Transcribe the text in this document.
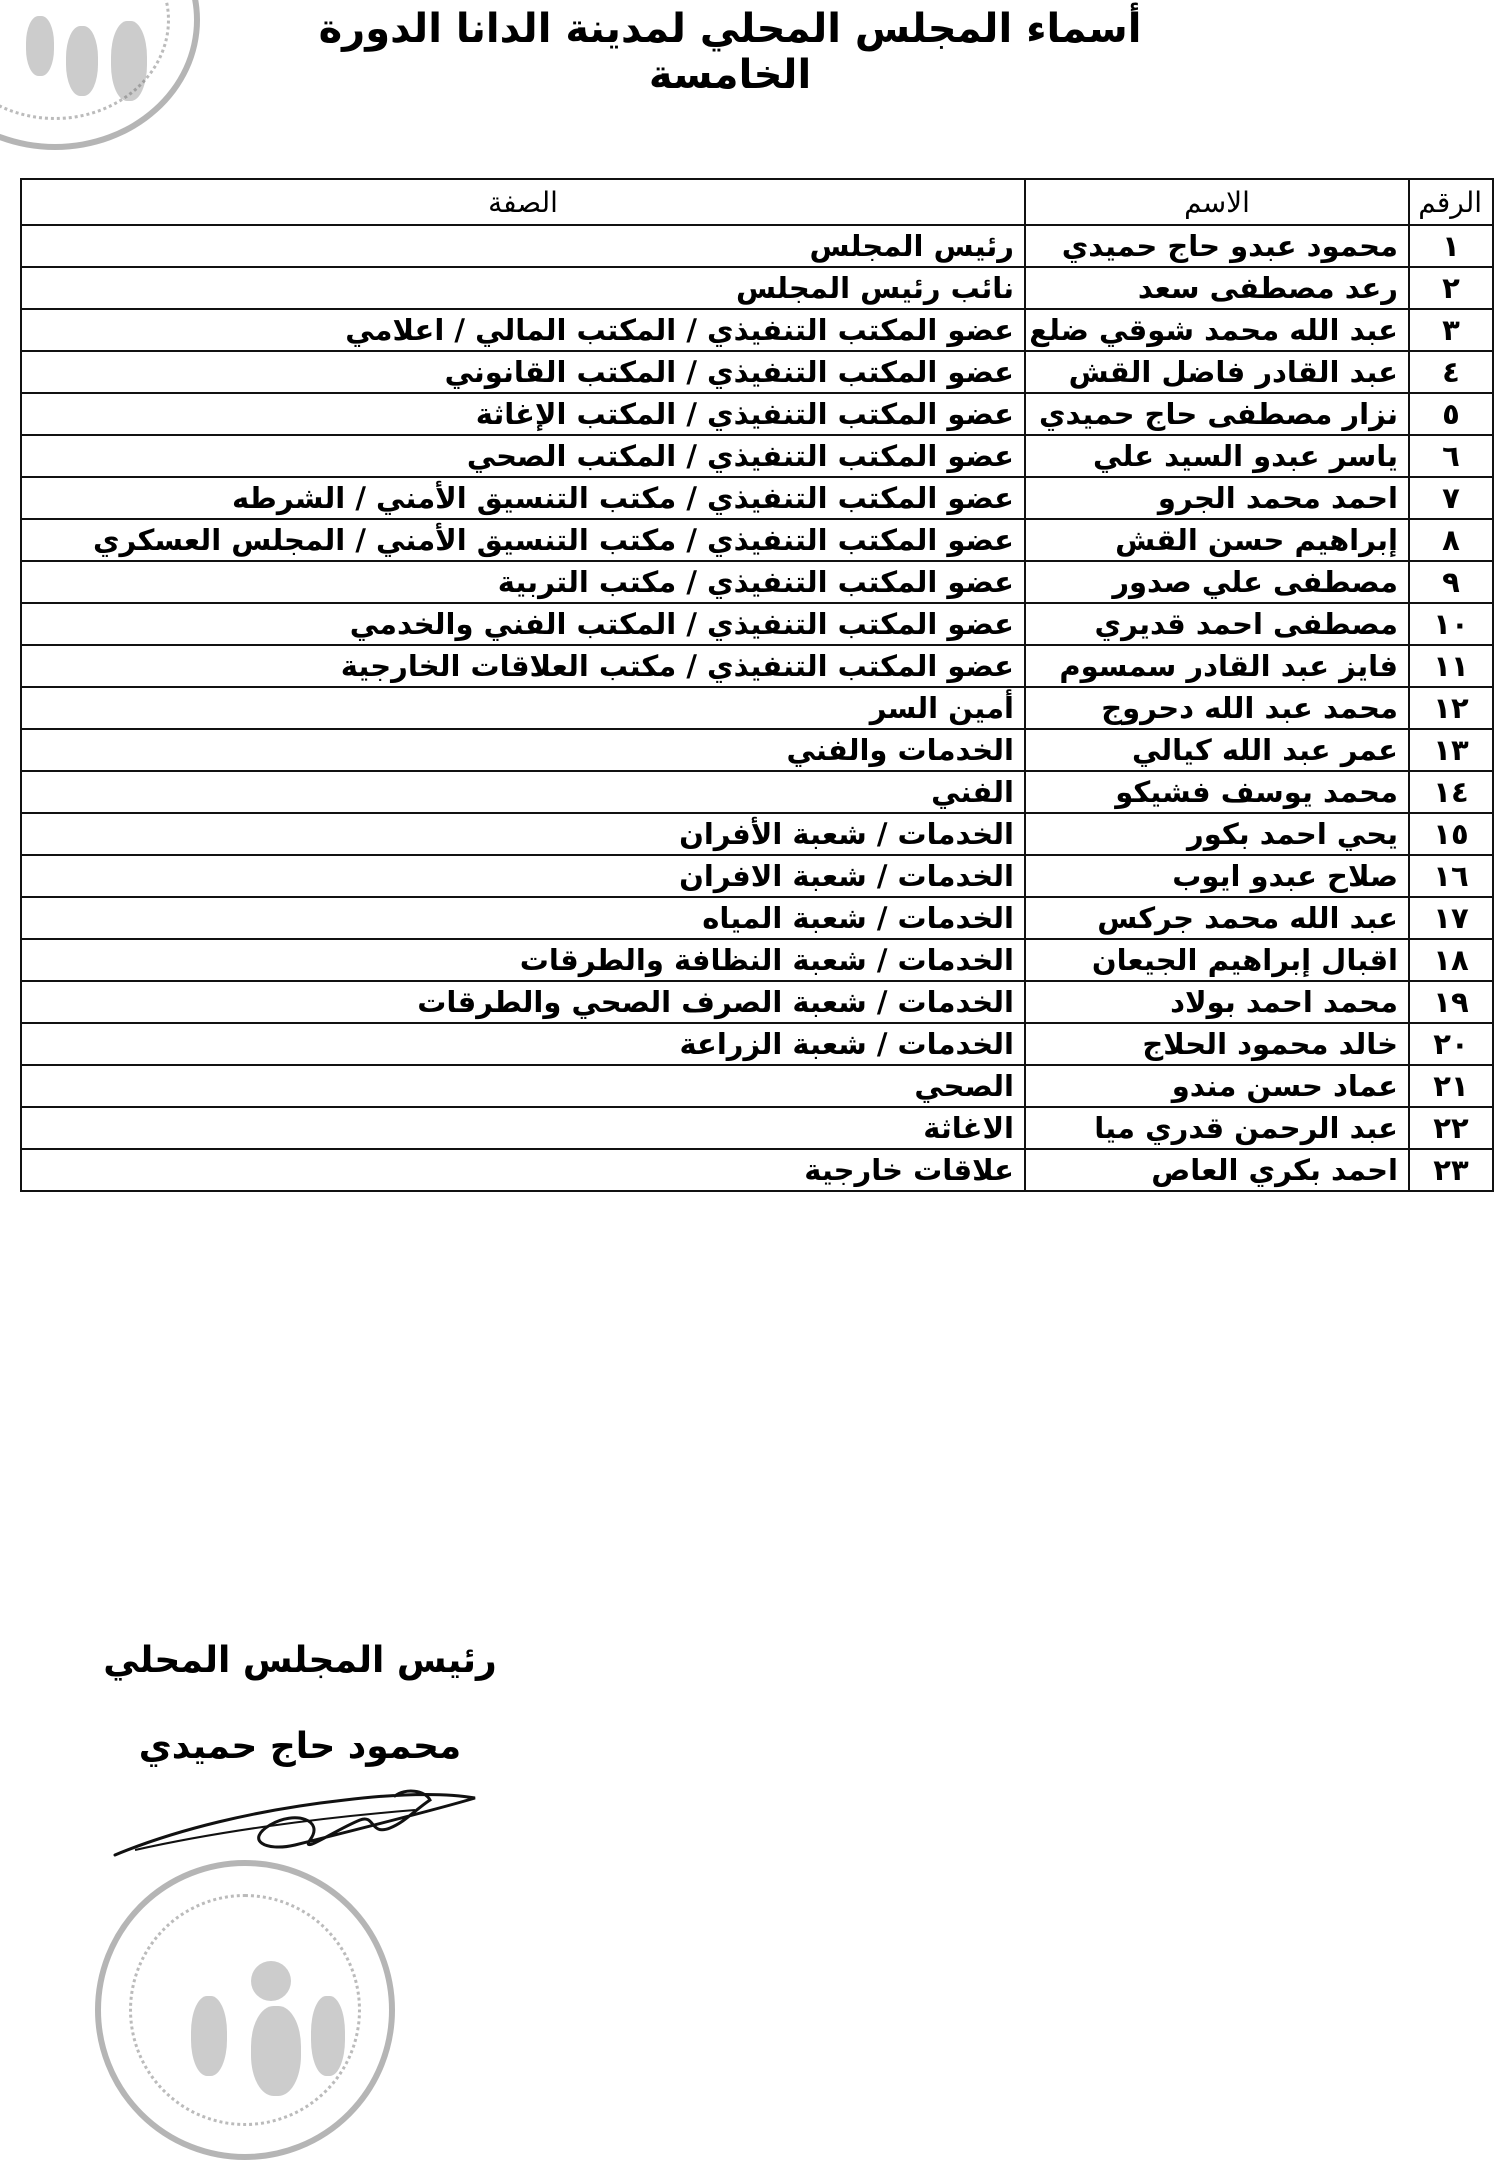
أسماء المجلس المحلي لمدينة الدانا الدورة الخامسة
الرقم	الاسم	الصفة
١	محمود عبدو حاج حميدي	رئيس المجلس
٢	رعد مصطفى سعد	نائب رئيس المجلس
٣	عبد الله محمد شوقي ضلع	عضو المكتب التنفيذي / المكتب المالي / اعلامي
٤	عبد القادر فاضل القش	عضو المكتب التنفيذي / المكتب القانوني
٥	نزار مصطفى حاج حميدي	عضو المكتب التنفيذي / المكتب الإغاثة
٦	ياسر عبدو السيد علي	عضو المكتب التنفيذي / المكتب الصحي
٧	احمد محمد الجرو	عضو المكتب التنفيذي / مكتب التنسيق الأمني / الشرطه
٨	إبراهيم حسن القش	عضو المكتب التنفيذي / مكتب التنسيق الأمني / المجلس العسكري
٩	مصطفى علي صدور	عضو المكتب التنفيذي / مكتب التربية
١٠	مصطفى احمد قديري	عضو المكتب التنفيذي / المكتب الفني والخدمي
١١	فايز عبد القادر سمسوم	عضو المكتب التنفيذي / مكتب العلاقات الخارجية
١٢	محمد عبد الله دحروج	أمين السر
١٣	عمر عبد الله كيالي	الخدمات والفني
١٤	محمد يوسف فشيكو	الفني
١٥	يحي احمد بكور	الخدمات / شعبة الأفران
١٦	صلاح عبدو ايوب	الخدمات / شعبة الافران
١٧	عبد الله محمد جركس	الخدمات / شعبة المياه
١٨	اقبال إبراهيم الجيعان	الخدمات / شعبة النظافة والطرقات
١٩	محمد احمد بولاد	الخدمات / شعبة الصرف الصحي والطرقات
٢٠	خالد محمود الحلاج	الخدمات / شعبة الزراعة
٢١	عماد حسن مندو	الصحي
٢٢	عبد الرحمن قدري ميا	الاغاثة
٢٣	احمد بكري العاص	علاقات خارجية
رئيس المجلس المحلي
محمود حاج حميدي
